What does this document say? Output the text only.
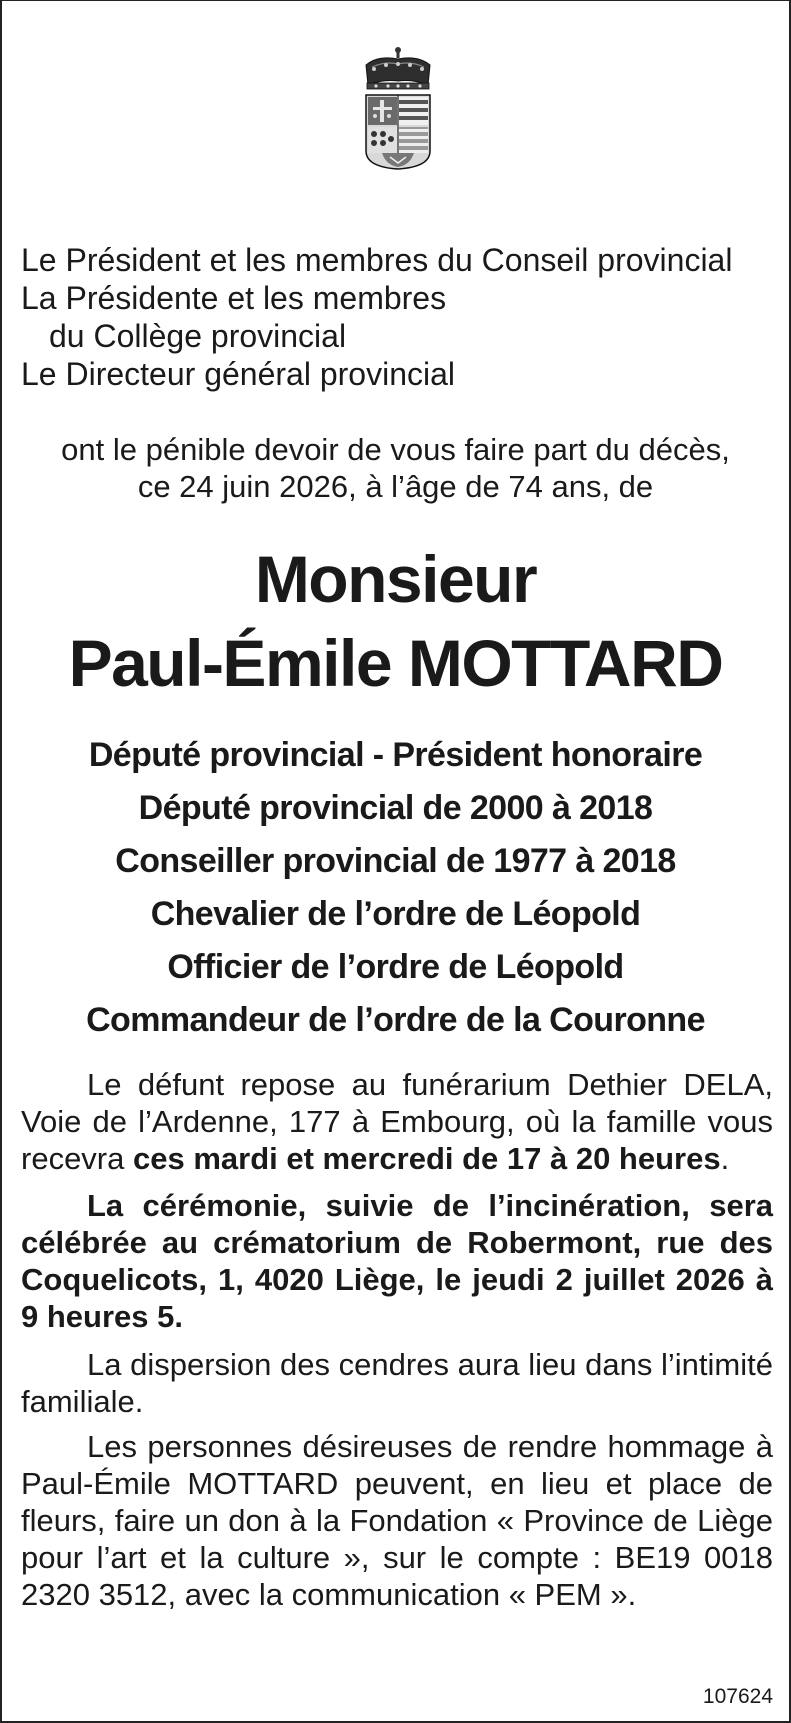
Le Président et les membres du Conseil provincial
La Présidente et les membres
du Collège provincial
Le Directeur général provincial
ont le pénible devoir de vous faire part du décès,
ce 24 juin 2026, à l’âge de 74 ans, de
Monsieur
Paul-Émile MOTTARD
Député provincial - Président honoraire
Député provincial de 2000 à 2018
Conseiller provincial de 1977 à 2018
Chevalier de l’ordre de Léopold
Officier de l’ordre de Léopold
Commandeur de l’ordre de la Couronne

Le défunt repose au funérarium Dethier DELA, Voie de l’Ardenne, 177 à Embourg, où la famille vous recevra ces mardi et mercredi de 17 à 20 heures.

La cérémonie, suivie de l’incinération, sera célébrée au crématorium de Robermont, rue des Coquelicots, 1, 4020 Liège, le jeudi 2 juillet 2026 à 9 heures 5.

La dispersion des cendres aura lieu dans l’intimité familiale.

Les personnes désireuses de rendre hommage à Paul-Émile MOTTARD peuvent, en lieu et place de fleurs, faire un don à la Fondation « Province de Liège pour l’art et la culture », sur le compte : BE19 0018 2320 3512, avec la communication « PEM ».

107624
